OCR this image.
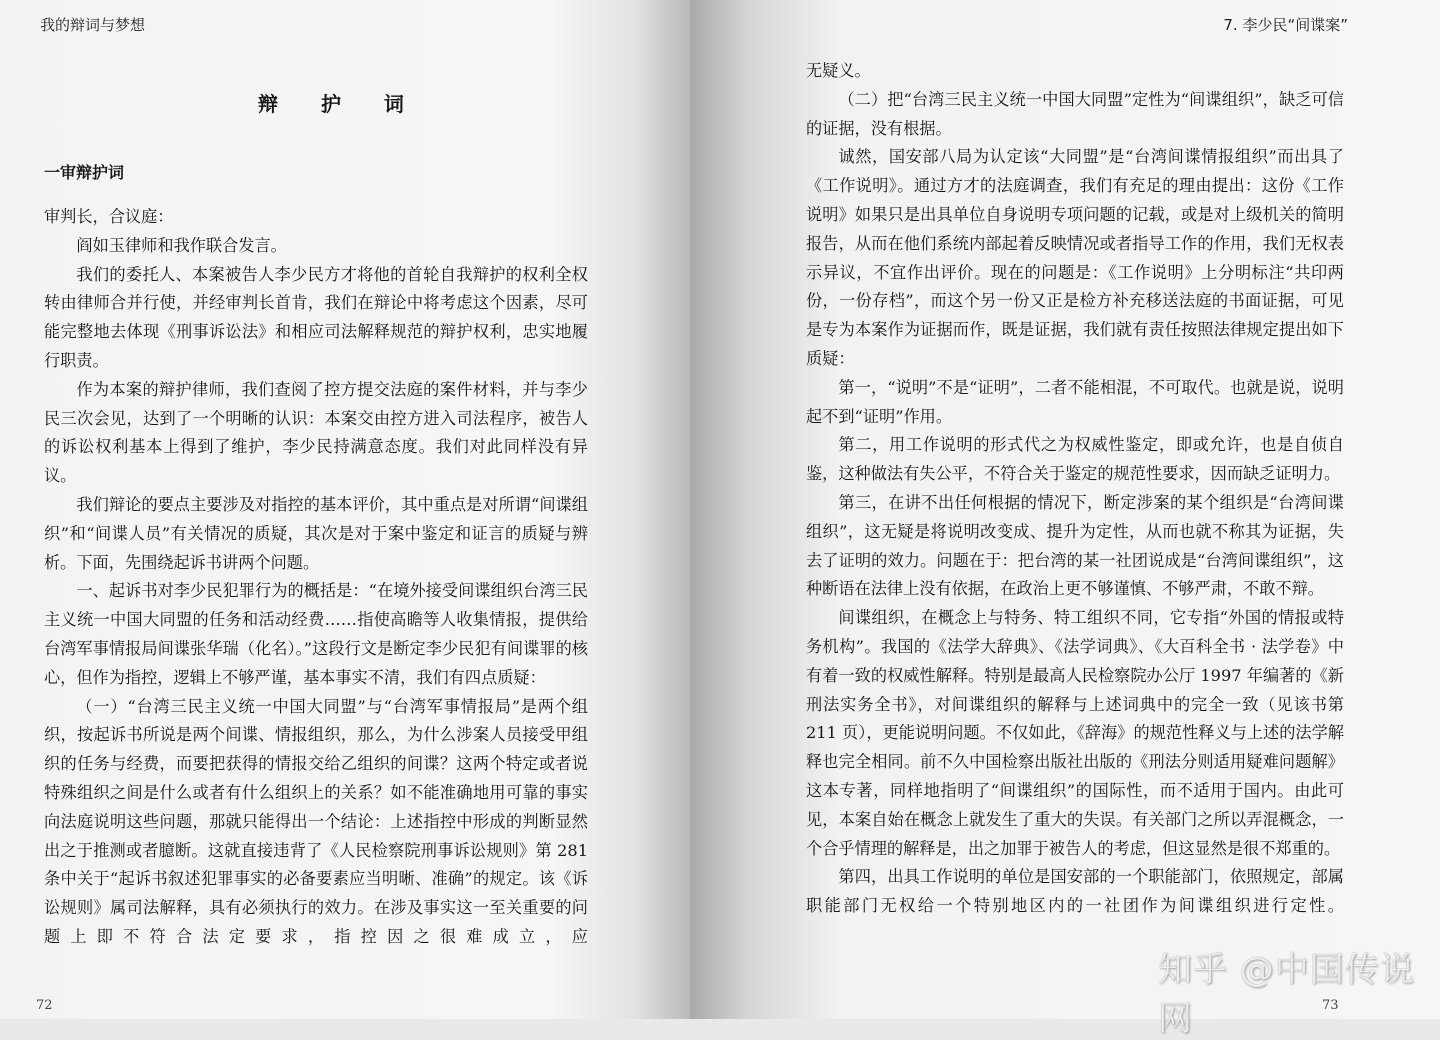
我的辩词与梦想
辩 护 词
一审辩护词

审判长，合议庭：

阎如玉律师和我作联合发言。

我们的委托人、本案被告人李少民方才将他的首轮自我辩护的权利全权转由律师合并行使，并经审判长首肯，我们在辩论中将考虑这个因素，尽可能完整地去体现《刑事诉讼法》和相应司法解释规范的辩护权利，忠实地履行职责。

作为本案的辩护律师，我们查阅了控方提交法庭的案件材料，并与李少民三次会见，达到了一个明晰的认识：本案交由控方进入司法程序，被告人的诉讼权利基本上得到了维护，李少民持满意态度。我们对此同样没有异议。

我们辩论的要点主要涉及对指控的基本评价，其中重点是对所谓“间谍组织”和“间谍人员”有关情况的质疑，其次是对于案中鉴定和证言的质疑与辨析。下面，先围绕起诉书讲两个问题。

一、起诉书对李少民犯罪行为的概括是：“在境外接受间谍组织台湾三民主义统一中国大同盟的任务和活动经费……指使高瞻等人收集情报，提供给台湾军事情报局间谍张华瑞（化名）。”这段行文是断定李少民犯有间谍罪的核心，但作为指控，逻辑上不够严谨，基本事实不清，我们有四点质疑：

（一）“台湾三民主义统一中国大同盟”与“台湾军事情报局”是两个组织，按起诉书所说是两个间谍、情报组织，那么，为什么涉案人员接受甲组织的任务与经费，而要把获得的情报交给乙组织的间谍？这两个特定或者说特殊组织之间是什么或者有什么组织上的关系？如不能准确地用可靠的事实向法庭说明这些问题，那就只能得出一个结论：上述指控中形成的判断显然出之于推测或者臆断。这就直接违背了《人民检察院刑事诉讼规则》第 281 条中关于“起诉书叙述犯罪事实的必备要素应当明晰、准确”的规定。该《诉讼规则》属司法解释，具有必须执行的效力。在涉及事实这一至关重要的问题上即不符合法定要求，指控因之很难成立，应

72
7. 李少民“间谍案”
73

无疑义。

（二）把“台湾三民主义统一中国大同盟”定性为“间谍组织”，缺乏可信的证据，没有根据。

诚然，国安部八局为认定该“大同盟”是“台湾间谍情报组织”而出具了《工作说明》。通过方才的法庭调查，我们有充足的理由提出：这份《工作说明》如果只是出具单位自身说明专项问题的记载，或是对上级机关的简明报告，从而在他们系统内部起着反映情况或者指导工作的作用，我们无权表示异议，不宜作出评价。现在的问题是：《工作说明》上分明标注“共印两份，一份存档”，而这个另一份又正是检方补充移送法庭的书面证据，可见是专为本案作为证据而作，既是证据，我们就有责任按照法律规定提出如下质疑：

第一，“说明”不是“证明”，二者不能相混，不可取代。也就是说，说明起不到“证明”作用。

第二，用工作说明的形式代之为权威性鉴定，即或允许，也是自侦自鉴，这种做法有失公平，不符合关于鉴定的规范性要求，因而缺乏证明力。

第三，在讲不出任何根据的情况下，断定涉案的某个组织是“台湾间谍组织”，这无疑是将说明改变成、提升为定性，从而也就不称其为证据，失去了证明的效力。问题在于：把台湾的某一社团说成是“台湾间谍组织”，这种断语在法律上没有依据，在政治上更不够谨慎、不够严肃，不敢不辩。

间谍组织，在概念上与特务、特工组织不同，它专指“外国的情报或特务机构”。我国的《法学大辞典》、《法学词典》、《大百科全书 · 法学卷》中有着一致的权威性解释。特别是最高人民检察院办公厅 1997 年编著的《新刑法实务全书》，对间谍组织的解释与上述词典中的完全一致（见该书第 211 页），更能说明问题。不仅如此，《辞海》的规范性释义与上述的法学解释也完全相同。前不久中国检察出版社出版的《刑法分则适用疑难问题解》这本专著，同样地指明了“间谍组织”的国际性，而不适用于国内。由此可见，本案自始在概念上就发生了重大的失误。有关部门之所以弄混概念，一个合乎情理的解释是，出之加罪于被告人的考虑，但这显然是很不郑重的。

第四，出具工作说明的单位是国安部的一个职能部门，依照规定，部属职能部门无权给一个特别地区内的一社团作为间谍组织进行定性。

知乎 @中国传说网
